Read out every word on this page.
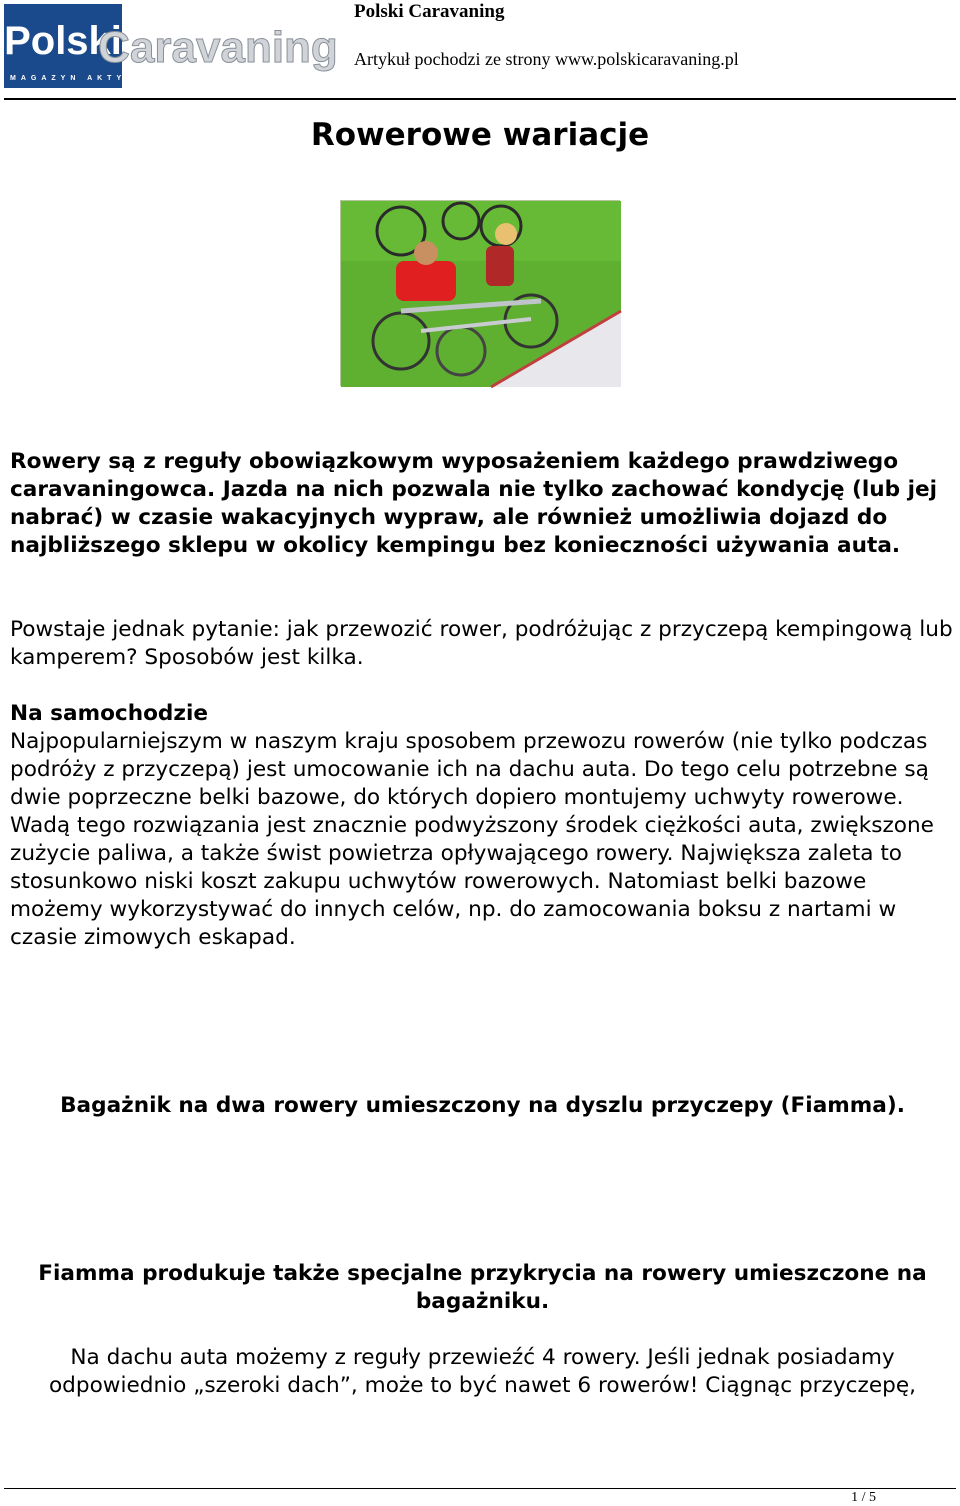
Polski
Caravaning
MAGAZYN AKTYWNEGO WYPOCZYNKU
Polski Caravaning
Artykuł pochodzi ze strony www.polskicaravaning.pl
Rowerowe wariacje

Rowery są z reguły obowiązkowym wyposażeniem każdego prawdziwego caravaningowca. Jazda na nich pozwala nie tylko zachować kondycję (lub jej nabrać) w czasie wakacyjnych wypraw, ale również umożliwia dojazd do najbliższego sklepu w okolicy kempingu bez konieczności używania auta.

Powstaje jednak pytanie: jak przewozić rower, podróżując z przyczepą kempingową lub kamperem? Sposobów jest kilka.

Na samochodzie

Najpopularniejszym w naszym kraju sposobem przewozu rowerów (nie tylko podczas podróży z przyczepą) jest umocowanie ich na dachu auta. Do tego celu potrzebne są dwie poprzeczne belki bazowe, do których dopiero montujemy uchwyty rowerowe. Wadą tego rozwiązania jest znacznie podwyższony środek ciężkości auta, zwiększone zużycie paliwa, a także świst powietrza opływającego rowery. Największa zaleta to stosunkowo niski koszt zakupu uchwytów rowerowych. Natomiast belki bazowe możemy wykorzystywać do innych celów, np. do zamocowania boksu z nartami w czasie zimowych eskapad.

Bagażnik na dwa rowery umieszczony na dyszlu przyczepy (Fiamma).

Fiamma produkuje także specjalne przykrycia na rowery umieszczone na bagażniku.

Na dachu auta możemy z reguły przewieźć 4 rowery. Jeśli jednak posiadamy odpowiednio „szeroki dach”, może to być nawet 6 rowerów! Ciągnąc przyczepę,

1 / 5
